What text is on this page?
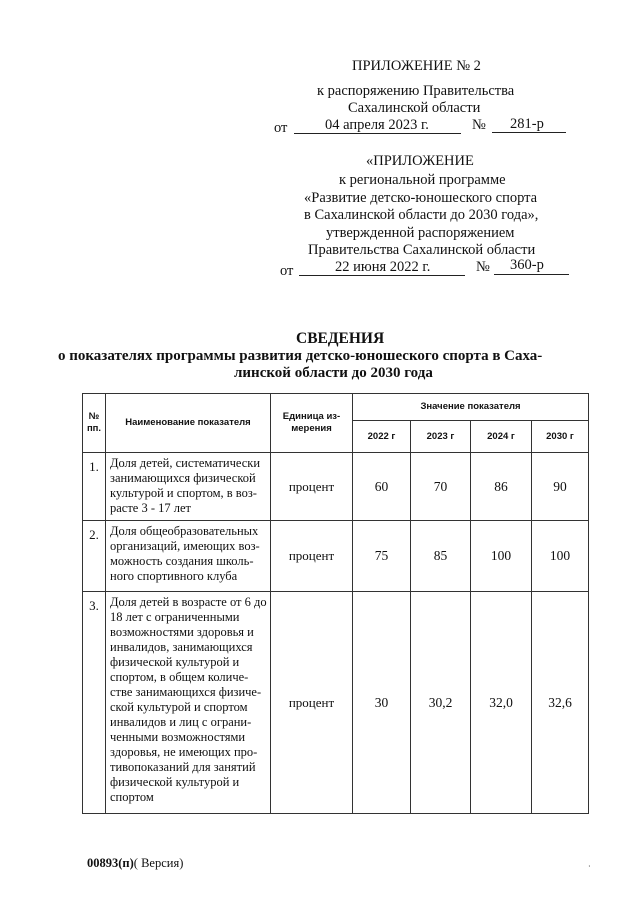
ПРИЛОЖЕНИЕ № 2
к распоряжению Правительства
Сахалинской области
от	04 апреля 2023 г.	№ 281-р
«ПРИЛОЖЕНИЕ
к региональной программе
«Развитие детско-юношеского спорта
в Сахалинской области до 2030 года»,
утвержденной распоряжением
Правительства Сахалинской области
от	22 июня 2022 г.	№ 360-р
СВЕДЕНИЯ
о показателях программы развития детско-юношеского спорта в Саха-
линской области до 2030 года
№ пп.	Наименование показателя	Единица из- мерения	Значение показателя			
			2022 г	2023 г	2024 г	2030 г
1.	Доля детей, систематически занимающихся физической культурой и спортом, в воз- расте 3 - 17 лет	процент	60	70	86	90
2.	Доля общеобразовательных организаций, имеющих воз- можность создания школь- ного спортивного клуба	процент	75	85	100	100
3.	Доля детей в возрасте от 6 до 18 лет с ограниченными возможностями здоровья и инвалидов, занимающихся физической культурой и спортом, в общем количе- стве занимающихся физиче- ской культурой и спортом инвалидов и лиц с ограни- ченными возможностями здоровья, не имеющих про- тивопоказаний для занятий физической культурой и спортом	процент	30	30,2	32,0	32,6
00893(п)( Версия)	⸒
